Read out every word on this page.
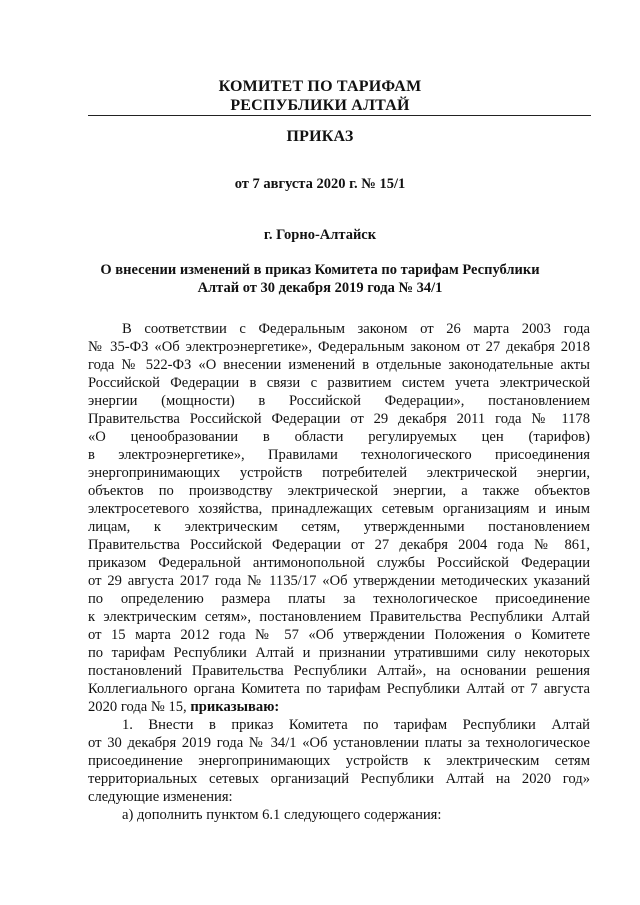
КОМИТЕТ ПО ТАРИФАМ
РЕСПУБЛИКИ АЛТАЙ
ПРИКАЗ
от 7 августа 2020 г. № 15/1
г. Горно-Алтайск
О внесении изменений в приказ Комитета по тарифам Республики
Алтай от 30 декабря 2019 года № 34/1
В соответствии с Федеральным законом от 26 марта 2003 года
№ 35-ФЗ «Об электроэнергетике», Федеральным законом от 27 декабря 2018
года № 522-ФЗ «О внесении изменений в отдельные законодательные акты
Российской Федерации в связи с развитием систем учета электрической
энергии (мощности) в Российской Федерации», постановлением
Правительства Российской Федерации от 29 декабря 2011 года № 1178
«О ценообразовании в области регулируемых цен (тарифов)
в электроэнергетике», Правилами технологического присоединения
энергопринимающих устройств потребителей электрической энергии,
объектов по производству электрической энергии, а также объектов
электросетевого хозяйства, принадлежащих сетевым организациям и иным
лицам, к электрическим сетям, утвержденными постановлением
Правительства Российской Федерации от 27 декабря 2004 года № 861,
приказом Федеральной антимонопольной службы Российской Федерации
от 29 августа 2017 года № 1135/17 «Об утверждении методических указаний
по определению размера платы за технологическое присоединение
к электрическим сетям», постановлением Правительства Республики Алтай
от 15 марта 2012 года № 57 «Об утверждении Положения о Комитете
по тарифам Республики Алтай и признании утратившими силу некоторых
постановлений Правительства Республики Алтай», на основании решения
Коллегиального органа Комитета по тарифам Республики Алтай от 7 августа
2020 года № 15, приказываю:
1. Внести в приказ Комитета по тарифам Республики Алтай
от 30 декабря 2019 года № 34/1 «Об установлении платы за технологическое
присоединение энергопринимающих устройств к электрическим сетям
территориальных сетевых организаций Республики Алтай на 2020 год»
следующие изменения:
а) дополнить пунктом 6.1 следующего содержания:
